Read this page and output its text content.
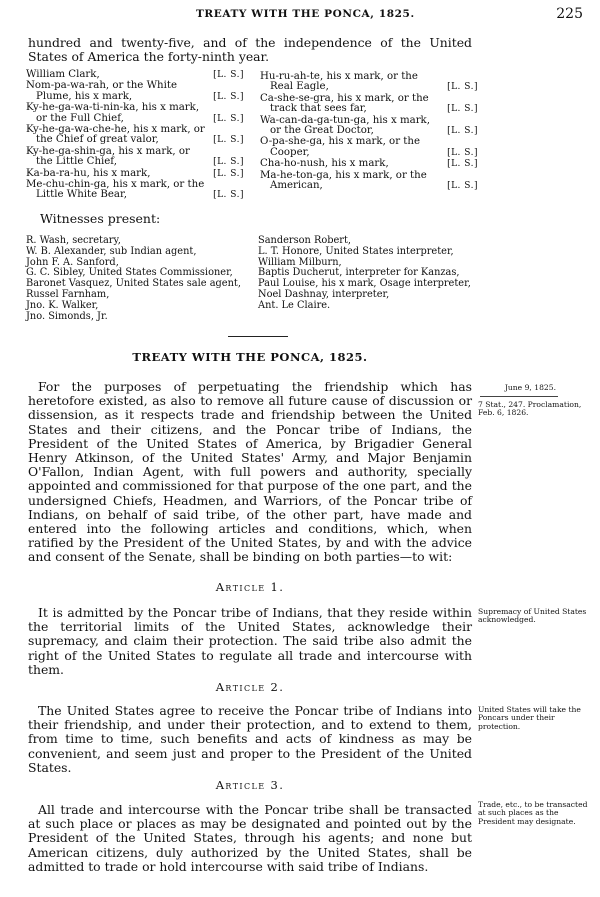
TREATY WITH THE PONCA, 1825.	225
hundred and twenty-five, and of the independence of the United States of America the forty-ninth year.
William Clark,	[L. S.]
Nom-pa-wa-rah, or the White
Plume, his x mark,	[L. S.]
Ky-he-ga-wa-ti-nin-ka, his x mark,
or the Full Chief,	[L. S.]
Ky-he-ga-wa-che-he, his x mark, or
the Chief of great valor,	[L. S.]
Ky-he-ga-shin-ga, his x mark, or
the Little Chief,	[L. S.]
Ka-ba-ra-hu, his x mark,	[L. S.]
Me-chu-chin-ga, his x mark, or the
Little White Bear,	[L. S.]
Hu-ru-ah-te, his x mark, or the
Real Eagle,	[L. S.]
Ca-she-se-gra, his x mark, or the
track that sees far,	[L. S.]
Wa-can-da-ga-tun-ga, his x mark,
or the Great Doctor,	[L. S.]
O-pa-she-ga, his x mark, or the
Cooper,	[L. S.]
Cha-ho-nush, his x mark,	[L. S.]
Ma-he-ton-ga, his x mark, or the
American,	[L. S.]
Witnesses present:
R. Wash, secretary,
W. B. Alexander, sub Indian agent,
John F. A. Sanford,
G. C. Sibley, United States Commissioner,
Baronet Vasquez, United States sale agent,
Russel Farnham,
Jno. K. Walker,
Jno. Simonds, Jr.
Sanderson Robert,
L. T. Honore, United States interpreter,
William Milburn,
Baptis Ducherut, interpreter for Kanzas,
Paul Louise, his x mark, Osage interpreter,
Noel Dashnay, interpreter,
Ant. Le Claire.
TREATY WITH THE PONCA, 1825.
June 9, 1825.
7 Stat., 247. Proclamation, Feb. 6, 1826.
For the purposes of perpetuating the friendship which has heretofore existed, as also to remove all future cause of discussion or dissension, as it respects trade and friendship between the United States and their citizens, and the Poncar tribe of Indians, the President of the United States of America, by Brigadier General Henry Atkinson, of the United States' Army, and Major Benjamin O'Fallon, Indian Agent, with full powers and authority, specially appointed and commissioned for that purpose of the one part, and the undersigned Chiefs, Headmen, and Warriors, of the Poncar tribe of Indians, on behalf of said tribe, of the other part, have made and entered into the following articles and conditions, which, when ratified by the President of the United States, by and with the advice and consent of the Senate, shall be binding on both parties—to wit:
Article 1.
It is admitted by the Poncar tribe of Indians, that they reside within the territorial limits of the United States, acknowledge their supremacy, and claim their protection. The said tribe also admit the right of the United States to regulate all trade and intercourse with them.
Supremacy of United States acknowledged.
Article 2.
The United States agree to receive the Poncar tribe of Indians into their friendship, and under their protection, and to extend to them, from time to time, such benefits and acts of kindness as may be convenient, and seem just and proper to the President of the United States.
United States will take the Poncars under their protection.
Article 3.
All trade and intercourse with the Poncar tribe shall be transacted at such place or places as may be designated and pointed out by the President of the United States, through his agents; and none but American citizens, duly authorized by the United States, shall be admitted to trade or hold intercourse with said tribe of Indians.
Trade, etc., to be transacted at such places as the President may designate.
